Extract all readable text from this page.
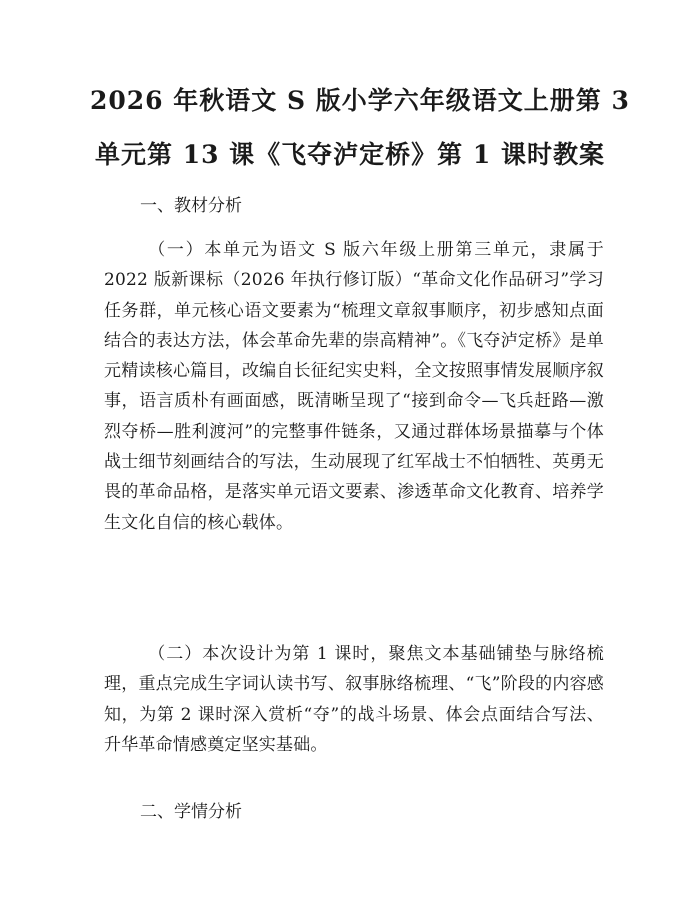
2026 年秋语文 S 版小学六年级语文上册第 3
单元第 13 课《飞夺泸定桥》第 1 课时教案
一、教材分析
（一）本单元为语文 S 版六年级上册第三单元，隶属于 2022 版新课标（2026 年执行修订版）“革命文化作品研习”学习任务群，单元核心语文要素为“梳理文章叙事顺序，初步感知点面结合的表达方法，体会革命先辈的崇高精神”。《飞夺泸定桥》是单元精读核心篇目，改编自长征纪实史料，全文按照事情发展顺序叙事，语言质朴有画面感，既清晰呈现了“接到命令—飞兵赶路—激烈夺桥—胜利渡河”的完整事件链条，又通过群体场景描摹与个体战士细节刻画结合的写法，生动展现了红军战士不怕牺牲、英勇无畏的革命品格，是落实单元语文要素、渗透革命文化教育、培养学生文化自信的核心载体。
（二）本次设计为第 1 课时，聚焦文本基础铺垫与脉络梳理，重点完成生字词认读书写、叙事脉络梳理、“飞”阶段的内容感知，为第 2 课时深入赏析“夺”的战斗场景、体会点面结合写法、升华革命情感奠定坚实基础。
二、学情分析
